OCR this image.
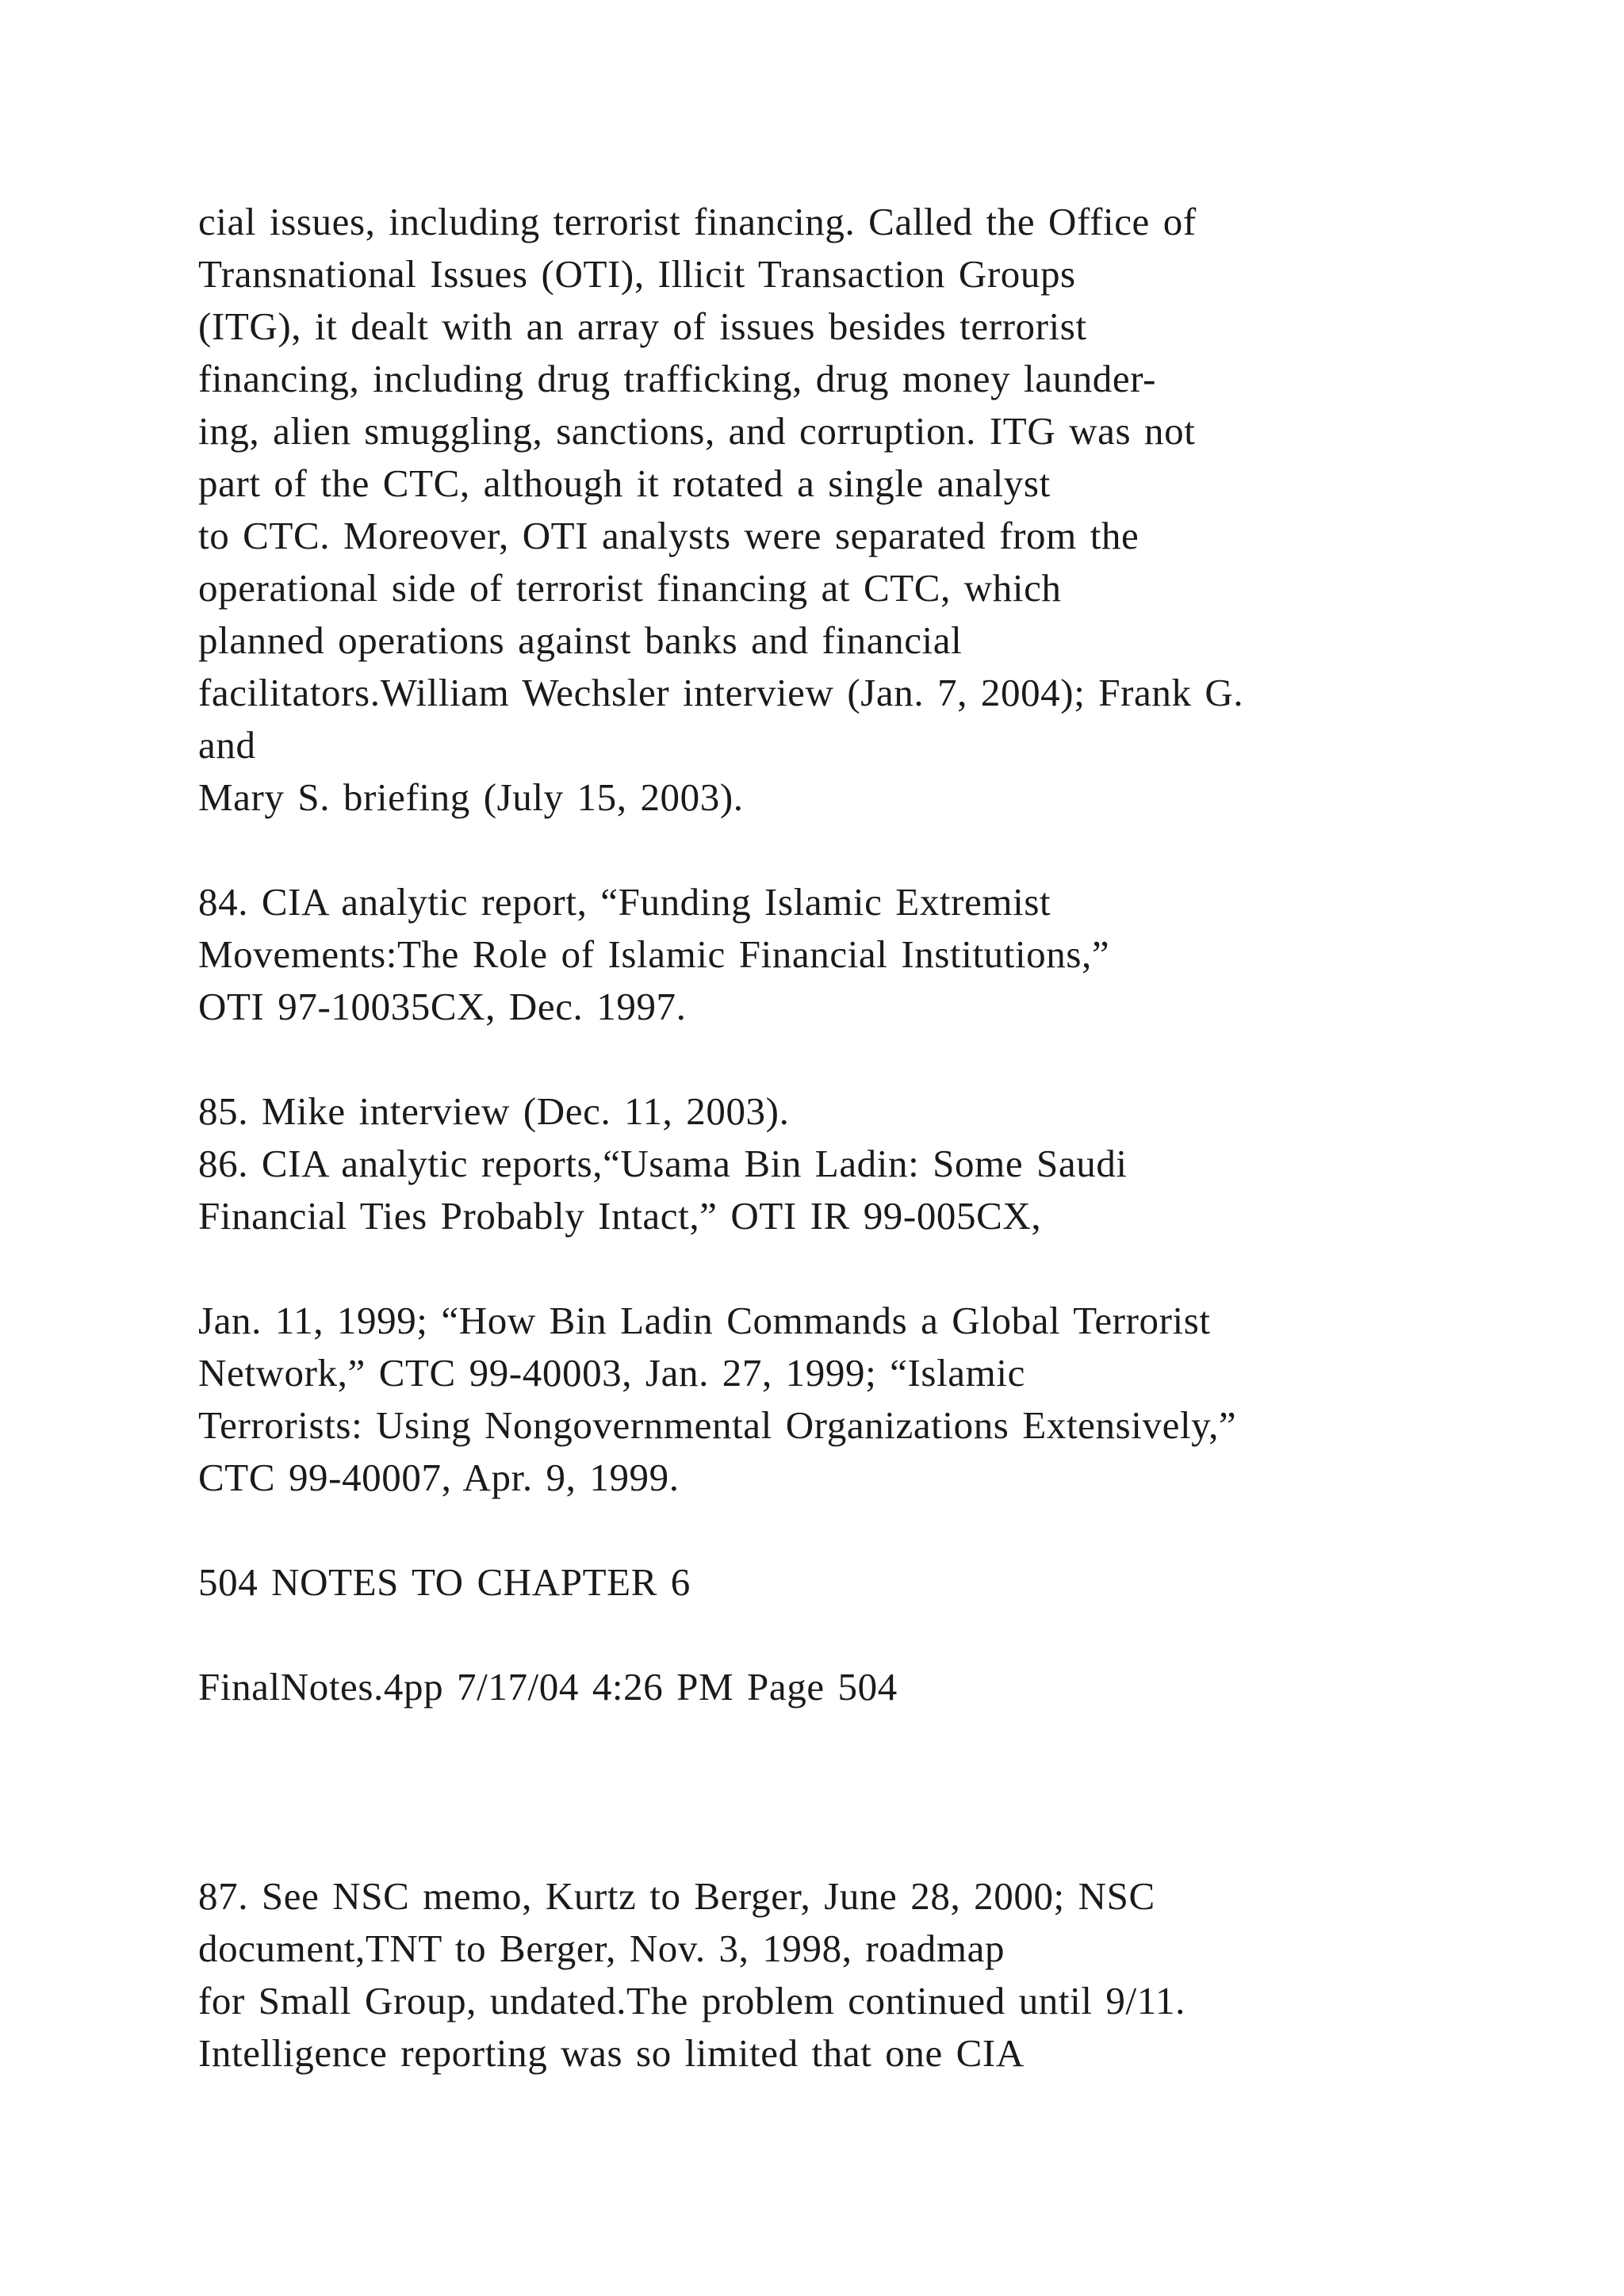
cial issues, including terrorist financing. Called the Office of
Transnational Issues (OTI), Illicit Transaction Groups
(ITG), it dealt with an array of issues besides terrorist
financing, including drug trafficking, drug money launder-
ing, alien smuggling, sanctions, and corruption. ITG was not
part of the CTC, although it rotated a single analyst
to CTC. Moreover, OTI analysts were separated from the
operational side of terrorist financing at CTC, which
planned operations against banks and financial
facilitators.William Wechsler interview (Jan. 7, 2004); Frank G.
and
Mary S. briefing (July 15, 2003).
84. CIA analytic report, “Funding Islamic Extremist
Movements:The Role of Islamic Financial Institutions,”
OTI 97-10035CX, Dec. 1997.
85. Mike interview (Dec. 11, 2003).
86. CIA analytic reports,“Usama Bin Ladin: Some Saudi
Financial Ties Probably Intact,” OTI IR 99-005CX,
Jan. 11, 1999; “How Bin Ladin Commands a Global Terrorist
Network,” CTC 99-40003, Jan. 27, 1999; “Islamic
Terrorists: Using Nongovernmental Organizations Extensively,”
CTC 99-40007, Apr. 9, 1999.
504 NOTES TO CHAPTER 6
FinalNotes.4pp 7/17/04 4:26 PM Page 504
87. See NSC memo, Kurtz to Berger, June 28, 2000; NSC
document,TNT to Berger, Nov. 3, 1998, roadmap
for Small Group, undated.The problem continued until 9/11.
Intelligence reporting was so limited that one CIA
